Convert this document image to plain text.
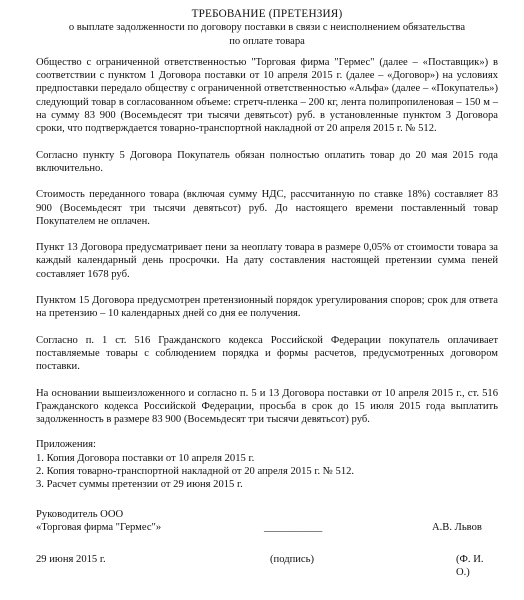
ТРЕБОВАНИЕ (ПРЕТЕНЗИЯ)
о выплате задолженности по договору поставки в связи с неисполнением обязательства
по оплате товара
Общество с ограниченной ответственностью "Торговая фирма "Гермес" (далее – «Поставщик») в соответствии с пунктом 1 Договора поставки от 10 апреля 2015 г. (далее – «Договор») на условиях предпоставки передало обществу с ограниченной ответственностью «Альфа» (далее – «Покупатель») следующий товар в согласованном объеме: стретч-пленка – 200 кг, лента полипропиленовая – 150 м – на сумму 83 900 (Восемьдесят три тысячи девятьсот) руб. в установленные пунктом 3 Договора сроки, что подтверждается товарно-транспортной накладной от 20 апреля 2015 г. № 512.
Согласно пункту 5 Договора Покупатель обязан полностью оплатить товар до 20 мая 2015 года включительно.
Стоимость переданного товара (включая сумму НДС, рассчитанную по ставке 18%) составляет 83 900 (Восемьдесят три тысячи девятьсот) руб. До настоящего времени поставленный товар Покупателем не оплачен.
Пункт 13 Договора предусматривает пени за неоплату товара в размере 0,05% от стоимости товара за каждый календарный день просрочки. На дату составления настоящей претензии сумма пеней составляет 1678 руб.
Пунктом 15 Договора предусмотрен претензионный порядок урегулирования споров; срок для ответа на претензию – 10 календарных дней со дня ее получения.
Согласно п. 1 ст. 516 Гражданского кодекса Российской Федерации покупатель оплачивает поставляемые товары с соблюдением порядка и формы расчетов, предусмотренных договором поставки.
На основании вышеизложенного и согласно п. 5 и 13 Договора поставки от 10 апреля 2015 г., ст. 516 Гражданского кодекса Российской Федерации, просьба в срок до 15 июля 2015 года выплатить задолженность в размере 83 900 (Восемьдесят три тысячи девятьсот) руб.
Приложения:
1. Копия Договора поставки от 10 апреля 2015 г.
2. Копия товарно-транспортной накладной от 20 апреля 2015 г. № 512.
3. Расчет суммы претензии от 29 июня 2015 г.
Руководитель ООО
«Торговая фирма "Гермес"»	___________	А.В. Львов
29 июня 2015 г.	(подпись)	(Ф. И. О.)
